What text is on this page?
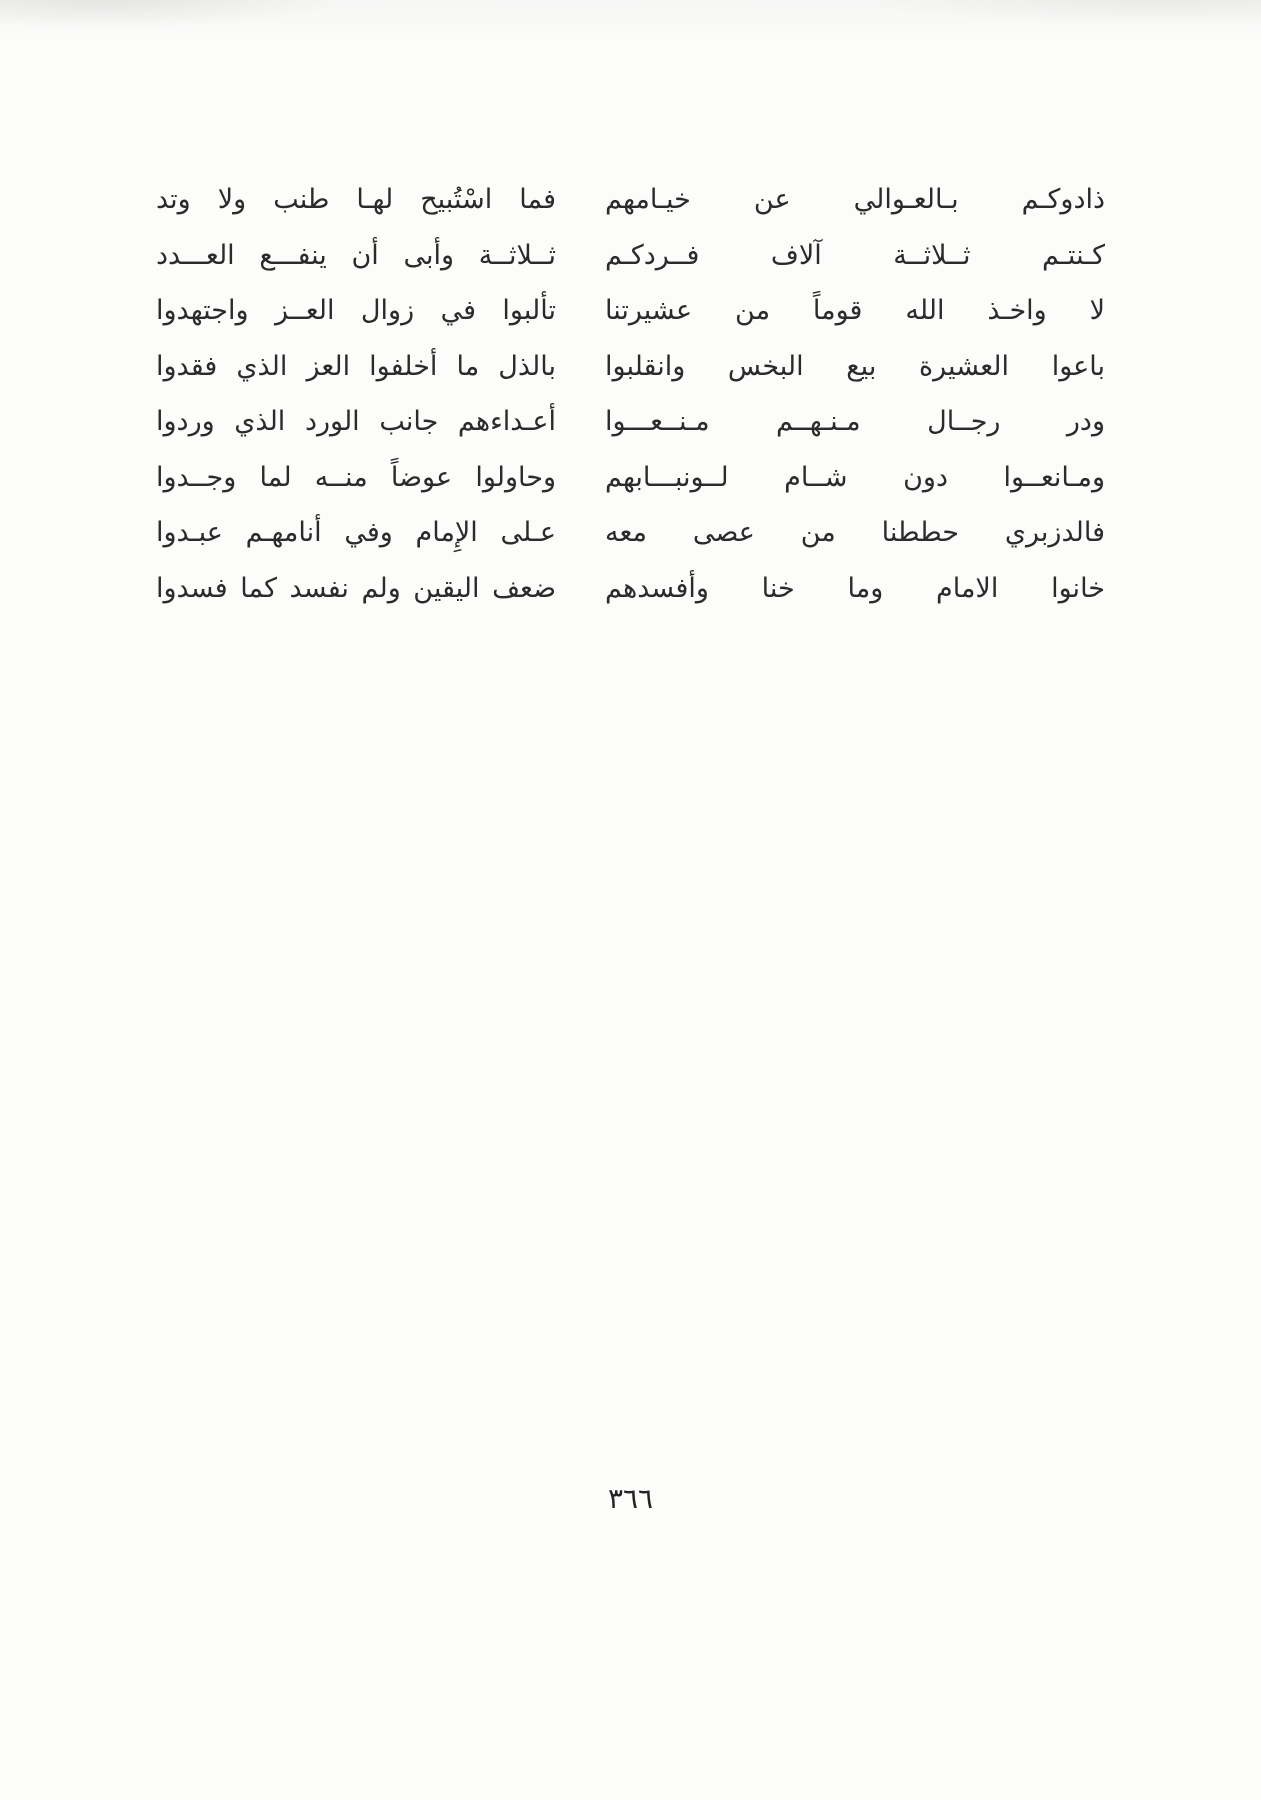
ذادوكـم بـالعـوالي عن خيـامهم
فما اسْتُبيح لهـا طنب ولا وتد
كـنتـم ثــلاثــة آلاف فــردكـم
ثــلاثــة وأبى أن ينفـــع العـــدد
لا واخـذ الله قوماً من عشيرتنا
تألبوا في زوال العــز واجتهدوا
باعوا العشيرة بيع البخس وانقلبوا
بالذل ما أخلفوا العز الذي فقدوا
ودر رجــال مـنـهــم مـنــعـــوا
أعـداءهم جانب الورد الذي وردوا
ومـانعــوا دون شــام لــونبـــابهم
وحاولوا عوضاً منــه لما وجــدوا
فالدزبري حططنا من عصى معه
عـلى الإِمام وفي أنامهـم عبـدوا
خانوا الامام وما خنا وأفسدهم
ضعف اليقين ولم نفسد كما فسدوا
٣٦٦
